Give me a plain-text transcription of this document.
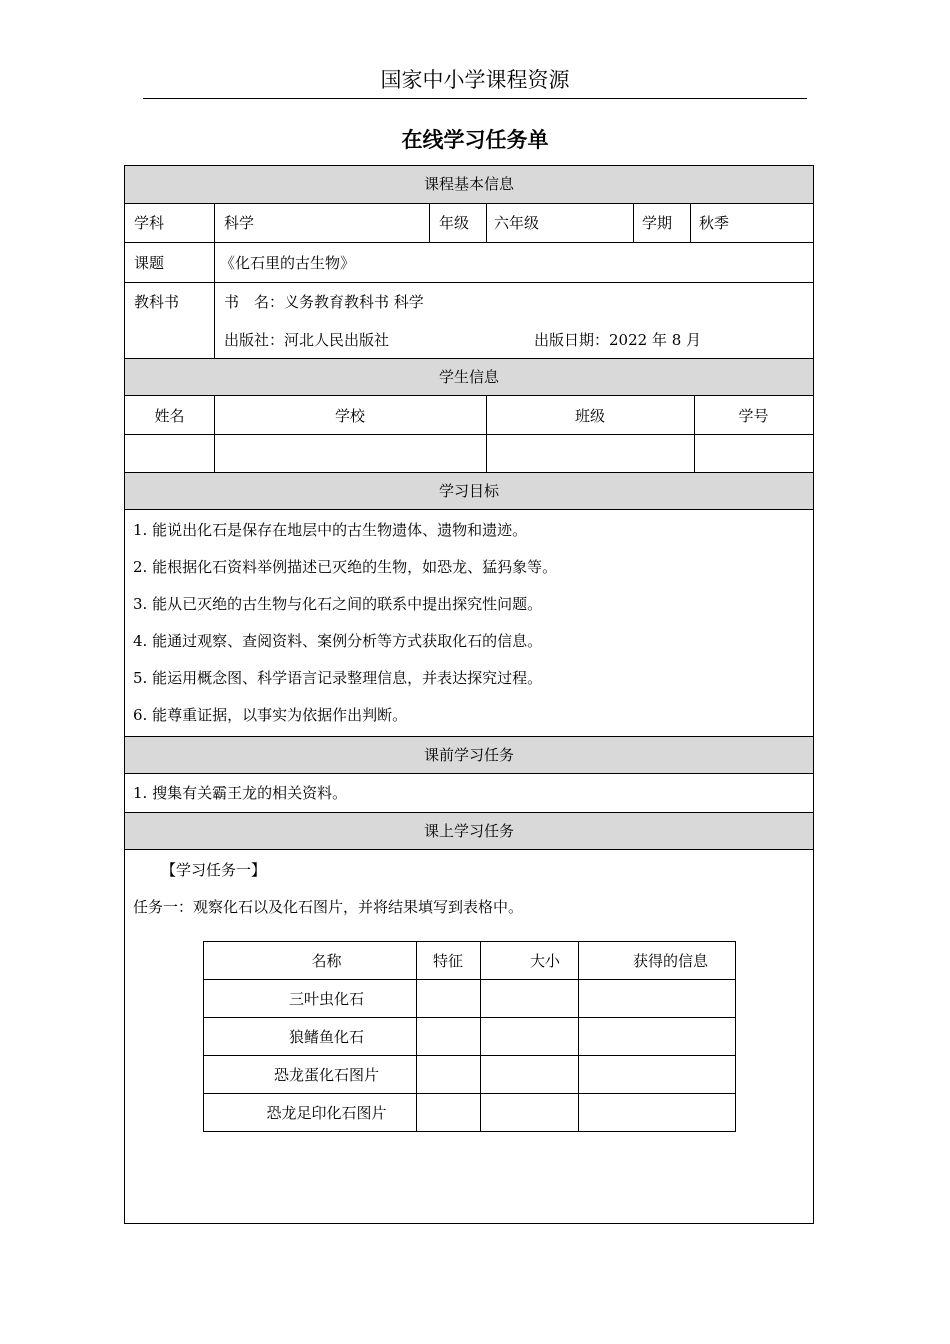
国家中小学课程资源
在线学习任务单
课程基本信息
学科	科学	年级 六年级	学期 秋季
课题	《化石里的古生物》
教科书	书　名：义务教育教科书 科学
出版社：河北人民出版社	出版日期：2022 年 8 月
学生信息
姓名	学校	班级	学号
学习目标
1. 能说出化石是保存在地层中的古生物遗体、遗物和遗迹。
2. 能根据化石资料举例描述已灭绝的生物，如恐龙、猛犸象等。
3. 能从已灭绝的古生物与化石之间的联系中提出探究性问题。
4. 能通过观察、查阅资料、案例分析等方式获取化石的信息。
5. 能运用概念图、科学语言记录整理信息，并表达探究过程。
6. 能尊重证据，以事实为依据作出判断。
课前学习任务
1. 搜集有关霸王龙的相关资料。
课上学习任务
【学习任务一】
任务一：观察化石以及化石图片，并将结果填写到表格中。
名称	特征	大小	获得的信息
三叶虫化石
狼鳍鱼化石
恐龙蛋化石图片
恐龙足印化石图片
